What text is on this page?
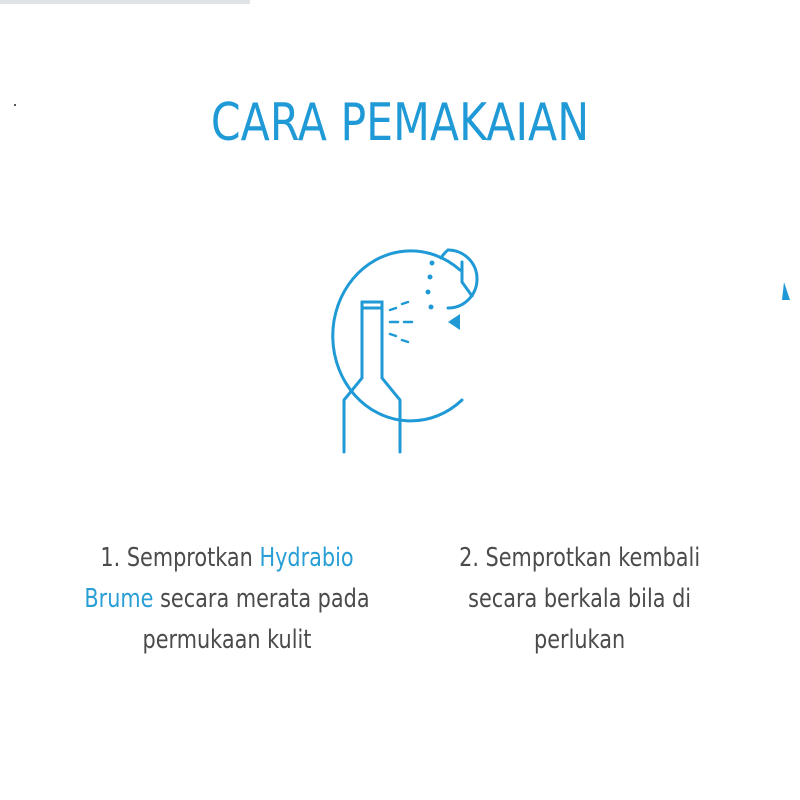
CARA PEMAKAIAN
1. Semprotkan Hydrabio Brume secara merata pada permukaan kulit
2. Semprotkan kembali secara berkala bila di perlukan
